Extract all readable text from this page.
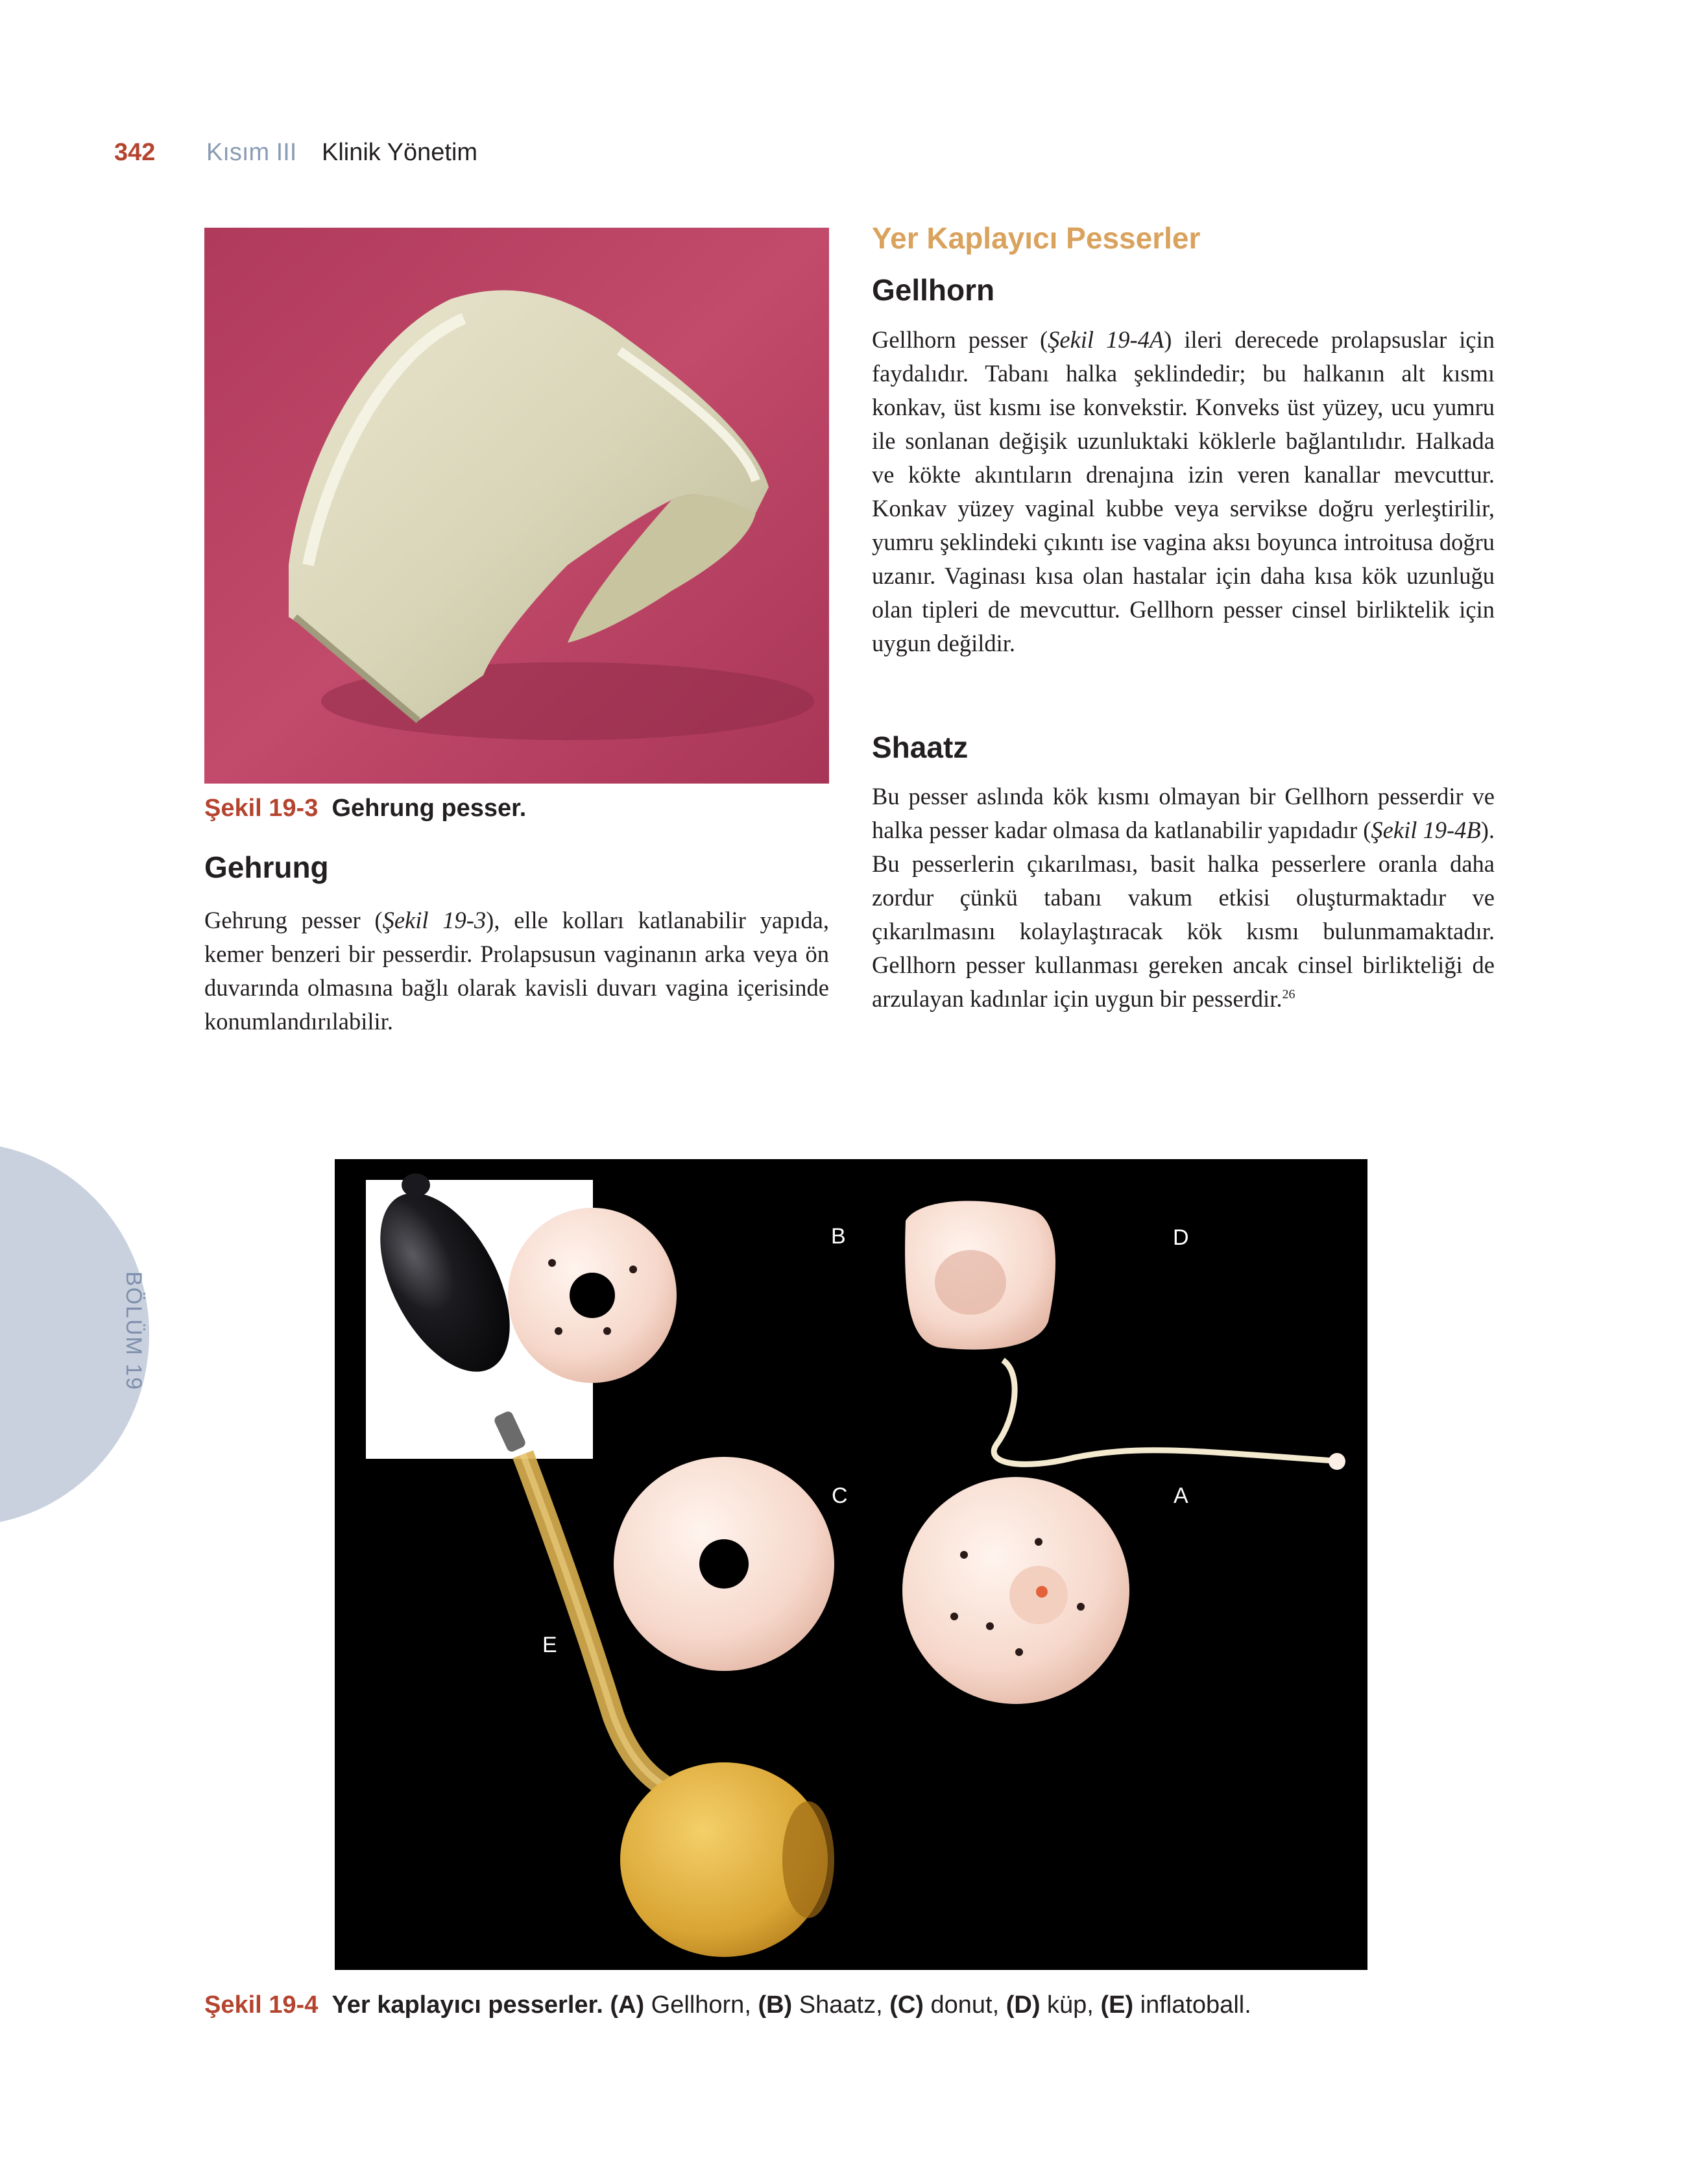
342 Kısım III Klinik Yönetim
BÖLÜM 19
Şekil 19-3 Gehrung pesser.
Gehrung

Gehrung pesser (Şekil 19-3), elle kolları katlanabilir yapıda, kemer benzeri bir pesserdir. Prolapsusun vaginanın arka veya ön duvarında olmasına bağlı olarak kavisli duvarı vagina içerisinde konumlandırılabilir.

Yer Kaplayıcı Pesserler
Gellhorn

Gellhorn pesser (Şekil 19-4A) ileri derecede prolapsuslar için faydalıdır. Tabanı halka şeklindedir; bu halkanın alt kısmı konkav, üst kısmı ise konvekstir. Konveks üst yüzey, ucu yumru ile sonlanan değişik uzunluktaki köklerle bağlantılıdır. Halkada ve kökte akıntıların drenajına izin veren kanallar mevcuttur. Konkav yüzey vaginal kubbe veya servikse doğru yerleştirilir, yumru şeklindeki çıkıntı ise vagina aksı boyunca introitusa doğru uzanır. Vaginası kısa olan hastalar için daha kısa kök uzunluğu olan tipleri de mevcuttur. Gellhorn pesser cinsel birliktelik için uygun değildir.

Shaatz

Bu pesser aslında kök kısmı olmayan bir Gellhorn pesserdir ve halka pesser kadar olmasa da katlanabilir yapıdadır (Şekil 19-4B). Bu pesserlerin çıkarılması, basit halka pesserlere oranla daha zordur çünkü tabanı vakum etkisi oluşturmaktadır ve çıkarılmasını kolaylaştıracak kök kısmı bulunmamaktadır. Gellhorn pesser kullanması gereken ancak cinsel birlikteliği de arzulayan kadınlar için uygun bir pesserdir.$^{26}$

B	D
C	A
E
Şekil 19-4 Yer kaplayıcı pesserler. (A) Gellhorn, (B) Shaatz, (C) donut, (D) küp, (E) inflatoball.
